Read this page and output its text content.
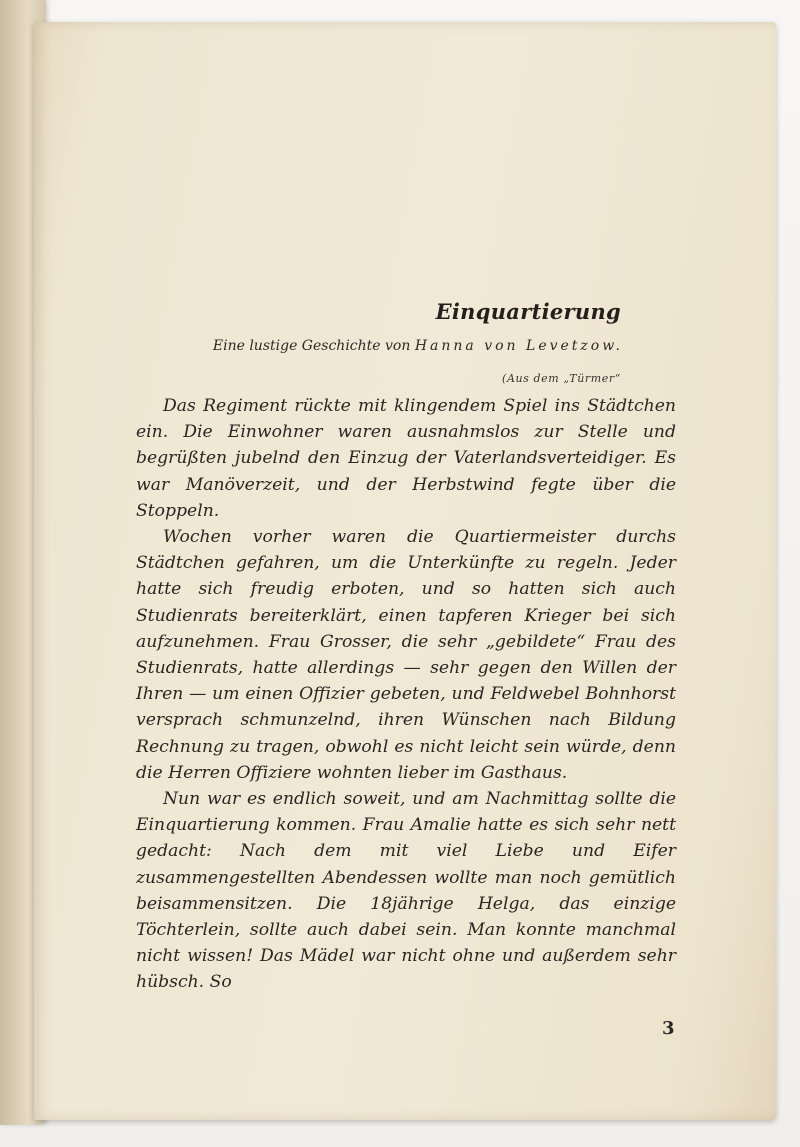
Einquartierung
Eine lustige Geschichte von Hanna von Levetzow.
(Aus dem „Türmer“

Das Regiment rückte mit klingendem Spiel ins Städtchen ein. Die Einwohner waren ausnahmslos zur Stelle und begrüßten jubelnd den Einzug der Vaterlandsverteidiger. Es war Manöverzeit, und der Herbstwind fegte über die Stoppeln.

Wochen vorher waren die Quartiermeister durchs Städtchen gefahren, um die Unterkünfte zu regeln. Jeder hatte sich freudig erboten, und so hatten sich auch Studienrats bereiterklärt, einen tapferen Krieger bei sich aufzunehmen. Frau Grosser, die sehr „gebildete“ Frau des Studienrats, hatte allerdings — sehr gegen den Willen der Ihren — um einen Offizier gebeten, und Feldwebel Bohnhorst versprach schmunzelnd, ihren Wünschen nach Bildung Rechnung zu tragen, obwohl es nicht leicht sein würde, denn die Herren Offiziere wohnten lieber im Gasthaus.

Nun war es endlich soweit, und am Nachmittag sollte die Einquartierung kommen. Frau Amalie hatte es sich sehr nett gedacht: Nach dem mit viel Liebe und Eifer zusammengestellten Abendessen wollte man noch gemütlich beisammensitzen. Die 18jährige Helga, das einzige Töchterlein, sollte auch dabei sein. Man konnte manchmal nicht wissen! Das Mädel war nicht ohne und außerdem sehr hübsch. So

3
